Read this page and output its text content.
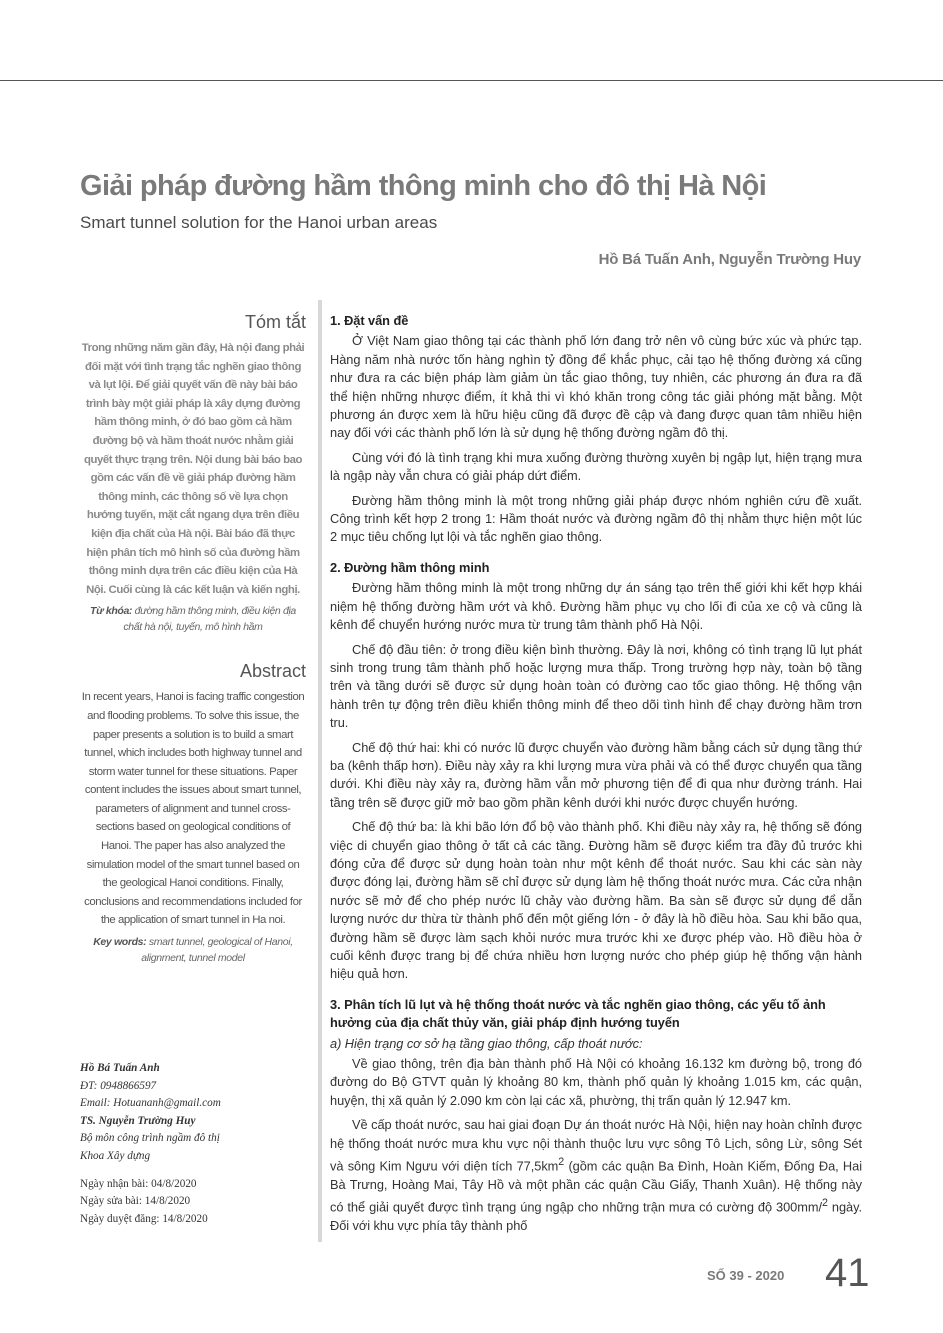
Giải pháp đường hầm thông minh cho đô thị Hà Nội
Smart tunnel solution for the Hanoi urban areas
Hồ Bá Tuấn Anh, Nguyễn Trường Huy
Tóm tắt
Trong những năm gần đây, Hà nội đang phải đối mặt với tình trạng tắc nghẽn giao thông và lụt lội. Để giải quyết vấn đề này bài báo trình bày một giải pháp là xây dựng đường hầm thông minh, ở đó bao gồm cả hầm đường bộ và hầm thoát nước nhằm giải quyết thực trạng trên. Nội dung bài báo bao gồm các vấn đề về giải pháp đường hầm thông minh, các thông số về lựa chọn hướng tuyến, mặt cắt ngang dựa trên điều kiện địa chất của Hà nội. Bài báo đã thực hiện phân tích mô hình số của đường hầm thông minh dựa trên các điều kiện của Hà Nội. Cuối cùng là các kết luận và kiến nghị.
Từ khóa: đường hầm thông minh, điều kiện địa chất hà nội, tuyến, mô hình hầm
Abstract
In recent years, Hanoi is facing traffic congestion and flooding problems. To solve this issue, the paper presents a solution is to build a smart tunnel, which includes both highway tunnel and storm water tunnel for these situations. Paper content includes the issues about smart tunnel, parameters of alignment and tunnel cross-sections based on geological conditions of Hanoi. The paper has also analyzed the simulation model of the smart tunnel based on the geological Hanoi conditions. Finally, conclusions and recommendations included for the application of smart tunnel in Ha noi.
Key words: smart tunnel, geological of Hanoi, alignment, tunnel model
Hồ Bá Tuấn Anh
ĐT: 0948866597
Email: Hotuananh@gmail.com
TS. Nguyễn Trường Huy
Bộ môn công trình ngầm đô thị
Khoa Xây dựng
Ngày nhận bài: 04/8/2020
Ngày sửa bài: 14/8/2020
Ngày duyệt đăng: 14/8/2020
1. Đặt vấn đề

Ở Việt Nam giao thông tại các thành phố lớn đang trở nên vô cùng bức xúc và phức tạp. Hàng năm nhà nước tốn hàng nghìn tỷ đồng để khắc phục, cải tạo hệ thống đường xá cũng như đưa ra các biện pháp làm giảm ùn tắc giao thông, tuy nhiên, các phương án đưa ra đã thể hiện những nhược điểm, ít khả thi vì khó khăn trong công tác giải phóng mặt bằng. Một phương án được xem là hữu hiệu cũng đã được đề cập và đang được quan tâm nhiều hiện nay đối với các thành phố lớn là sử dụng hệ thống đường ngầm đô thị.

Cùng với đó là tình trạng khi mưa xuống đường thường xuyên bị ngập lụt, hiện trạng mưa là ngập này vẫn chưa có giải pháp dứt điểm.

Đường hầm thông minh là một trong những giải pháp được nhóm nghiên cứu đề xuất. Công trình kết hợp 2 trong 1: Hầm thoát nước và đường ngầm đô thị nhằm thực hiện một lúc 2 mục tiêu chống lụt lội và tắc nghẽn giao thông.

2. Đường hầm thông minh

Đường hầm thông minh là một trong những dự án sáng tạo trên thế giới khi kết hợp khái niệm hệ thống đường hầm ướt và khô. Đường hầm phục vụ cho lối đi của xe cộ và cũng là kênh để chuyển hướng nước mưa từ trung tâm thành phố Hà Nội.

Chế độ đầu tiên: ở trong điều kiện bình thường. Đây là nơi, không có tình trạng lũ lụt phát sinh trong trung tâm thành phố hoặc lượng mưa thấp. Trong trường hợp này, toàn bộ tầng trên và tầng dưới sẽ được sử dụng hoàn toàn có đường cao tốc giao thông. Hệ thống vận hành trên tự động trên điều khiển thông minh để theo dõi tình hình để chạy đường hầm trơn tru.

Chế độ thứ hai: khi có nước lũ được chuyển vào đường hầm bằng cách sử dụng tầng thứ ba (kênh thấp hơn). Điều này xảy ra khi lượng mưa vừa phải và có thể được chuyển qua tầng dưới. Khi điều này xảy ra, đường hầm vẫn mở phương tiện để đi qua như đường tránh. Hai tầng trên sẽ được giữ mở bao gồm phần kênh dưới khi nước được chuyển hướng.

Chế độ thứ ba: là khi bão lớn đổ bộ vào thành phố. Khi điều này xảy ra, hệ thống sẽ đóng việc di chuyển giao thông ở tất cả các tầng. Đường hầm sẽ được kiểm tra đầy đủ trước khi đóng cửa để được sử dụng hoàn toàn như một kênh để thoát nước. Sau khi các sàn này được đóng lại, đường hầm sẽ chỉ được sử dụng làm hệ thống thoát nước mưa. Các cửa nhận nước sẽ mở để cho phép nước lũ chảy vào đường hầm. Ba sàn sẽ được sử dụng để dẫn lượng nước dư thừa từ thành phố đến một giếng lớn - ở đây là hồ điều hòa. Sau khi bão qua, đường hầm sẽ được làm sạch khỏi nước mưa trước khi xe được phép vào. Hồ điều hòa ở cuối kênh được trang bị để chứa nhiều hơn lượng nước cho phép giúp hệ thống vận hành hiệu quả hơn.

3. Phân tích lũ lụt và hệ thống thoát nước và tắc nghẽn giao thông, các yếu tố ảnh hưởng của địa chất thủy văn, giải pháp định hướng tuyến

a) Hiện trạng cơ sở hạ tầng giao thông, cấp thoát nước:

Về giao thông, trên địa bàn thành phố Hà Nội có khoảng 16.132 km đường bộ, trong đó đường do Bộ GTVT quản lý khoảng 80 km, thành phố quản lý khoảng 1.015 km, các quận, huyện, thị xã quản lý 2.090 km còn lại các xã, phường, thị trấn quản lý 12.947 km.

Về cấp thoát nước, sau hai giai đoạn Dự án thoát nước Hà Nội, hiện nay hoàn chỉnh được hệ thống thoát nước mưa khu vực nội thành thuộc lưu vực sông Tô Lịch, sông Lừ, sông Sét và sông Kim Ngưu với diện tích $77,5km^2$ (gồm các quận Ba Đình, Hoàn Kiếm, Đống Đa, Hai Bà Trưng, Hoàng Mai, Tây Hồ và một phần các quận Cầu Giấy, Thanh Xuân). Hệ thống này có thể giải quyết được tình trạng úng ngập cho những trận mưa có cường độ 300mm/$^2$ ngày. Đối với khu vực phía tây thành phố

SỐ 39 - 2020 41
